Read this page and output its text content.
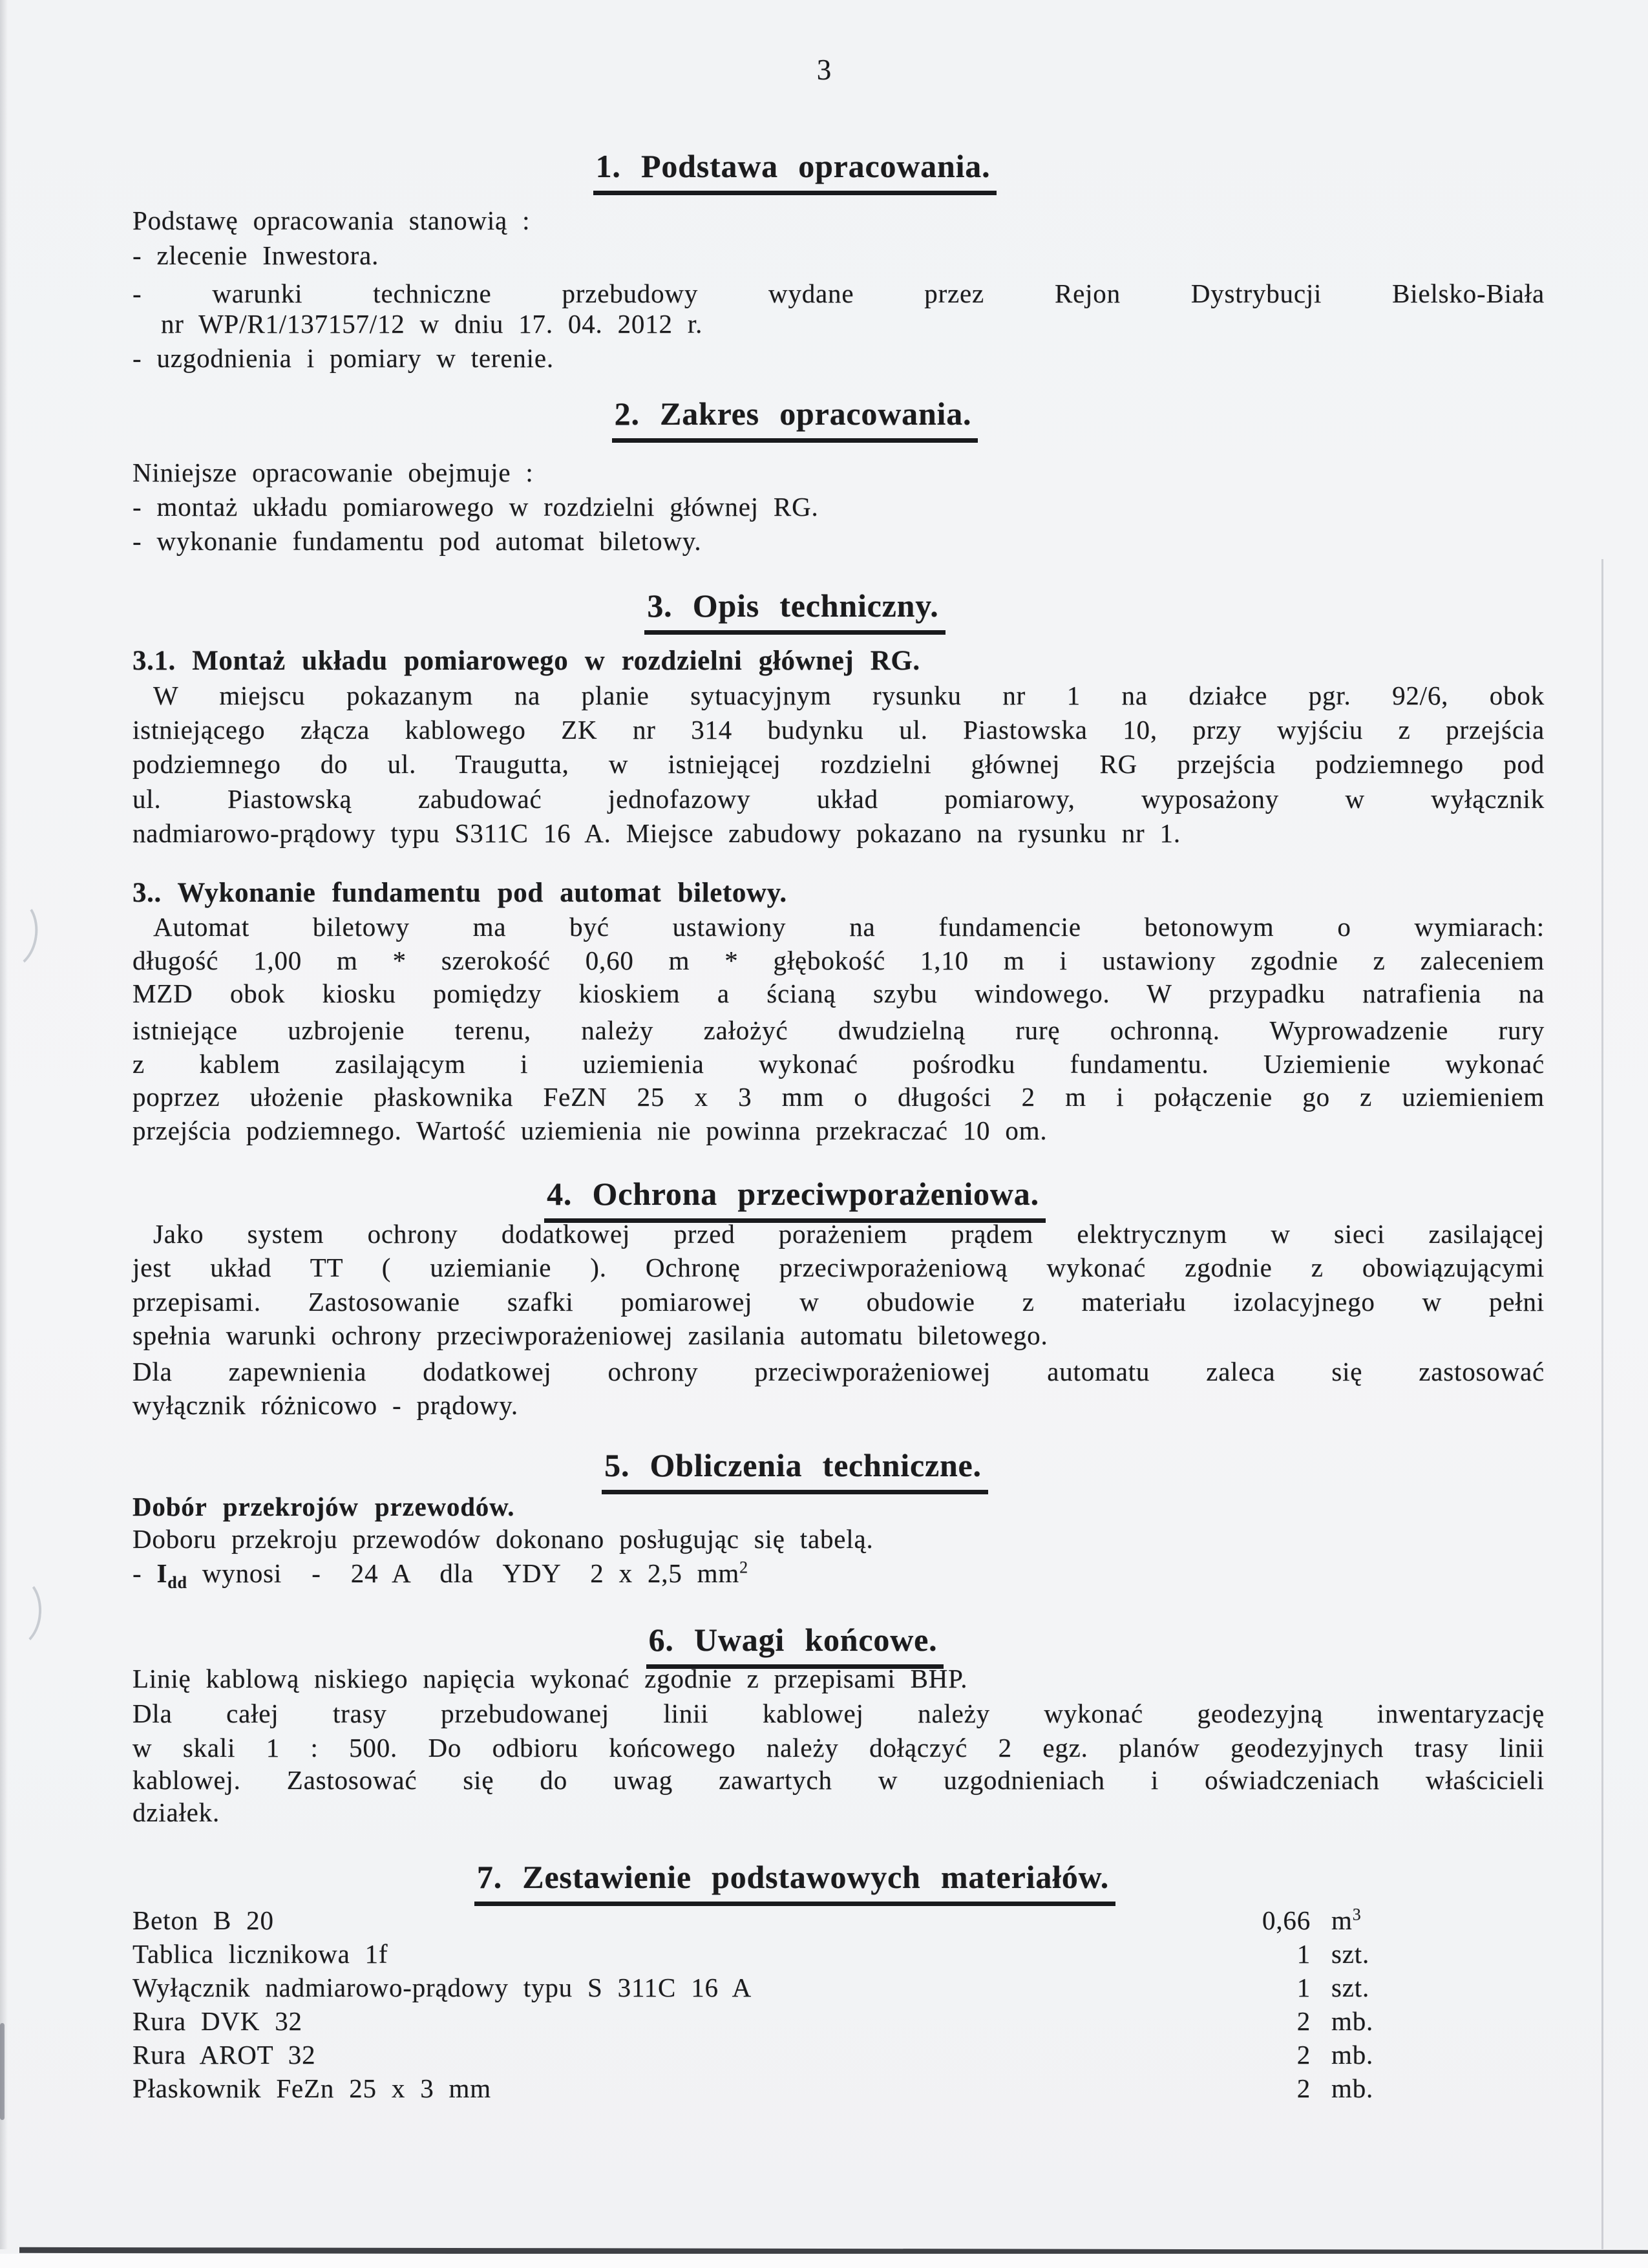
3
1. Podstawa opracowania.
Podstawę opracowania stanowią :
- zlecenie Inwestora.
- warunki techniczne przebudowy wydane przez Rejon Dystrybucji Bielsko-Biała
nr WP/R1/137157/12 w dniu 17. 04. 2012 r.
- uzgodnienia i pomiary w terenie.
2. Zakres opracowania.
Niniejsze opracowanie obejmuje :
- montaż układu pomiarowego w rozdzielni głównej RG.
- wykonanie fundamentu pod automat biletowy.
3. Opis techniczny.
3.1. Montaż układu pomiarowego w rozdzielni głównej RG.
W miejscu pokazanym na planie sytuacyjnym rysunku nr 1 na działce pgr. 92/6, obok
istniejącego złącza kablowego ZK nr 314 budynku ul. Piastowska 10, przy wyjściu z przejścia
podziemnego do ul. Traugutta, w istniejącej rozdzielni głównej RG przejścia podziemnego pod
ul. Piastowską zabudować jednofazowy układ pomiarowy, wyposażony w wyłącznik
nadmiarowo-prądowy typu S311C 16 A. Miejsce zabudowy pokazano na rysunku nr 1.
3.. Wykonanie fundamentu pod automat biletowy.
Automat biletowy ma być ustawiony na fundamencie betonowym o wymiarach:
długość 1,00 m * szerokość 0,60 m * głębokość 1,10 m i ustawiony zgodnie z zaleceniem
MZD obok kiosku pomiędzy kioskiem a ścianą szybu windowego. W przypadku natrafienia na
istniejące uzbrojenie terenu, należy założyć dwudzielną rurę ochronną. Wyprowadzenie rury
z kablem zasilającym i uziemienia wykonać pośrodku fundamentu. Uziemienie wykonać
poprzez ułożenie płaskownika FeZN 25 x 3 mm o długości 2 m i połączenie go z uziemieniem
przejścia podziemnego. Wartość uziemienia nie powinna przekraczać 10 om.
4. Ochrona przeciwporażeniowa.
Jako system ochrony dodatkowej przed porażeniem prądem elektrycznym w sieci zasilającej
jest układ TT ( uziemianie ). Ochronę przeciwporażeniową wykonać zgodnie z obowiązującymi
przepisami. Zastosowanie szafki pomiarowej w obudowie z materiału izolacyjnego w pełni
spełnia warunki ochrony przeciwporażeniowej zasilania automatu biletowego.
Dla zapewnienia dodatkowej ochrony przeciwporażeniowej automatu zaleca się zastosować
wyłącznik różnicowo - prądowy.
5. Obliczenia techniczne.
Dobór przekrojów przewodów.
Doboru przekroju przewodów dokonano posługując się tabelą.
- $I_{dd}$ wynosi  -  24 A  dla  YDY  2 x 2,5 $mm^2$
6. Uwagi końcowe.
Linię kablową niskiego napięcia wykonać zgodnie z przepisami BHP.
Dla całej trasy przebudowanej linii kablowej należy wykonać geodezyjną inwentaryzację
w skali 1 : 500. Do odbioru końcowego należy dołączyć 2 egz. planów geodezyjnych trasy linii
kablowej. Zastosować się do uwag zawartych w uzgodnieniach i oświadczeniach właścicieli
działek.
7. Zestawienie podstawowych materiałów.
Beton B 20	0,66 $m^3$
Tablica licznikowa 1f	1 szt.
Wyłącznik nadmiarowo-prądowy typu S 311C 16 A	1 szt.
Rura DVK 32	2 mb.
Rura AROT 32	2 mb.
Płaskownik FeZn 25 x 3 mm	2 mb.
